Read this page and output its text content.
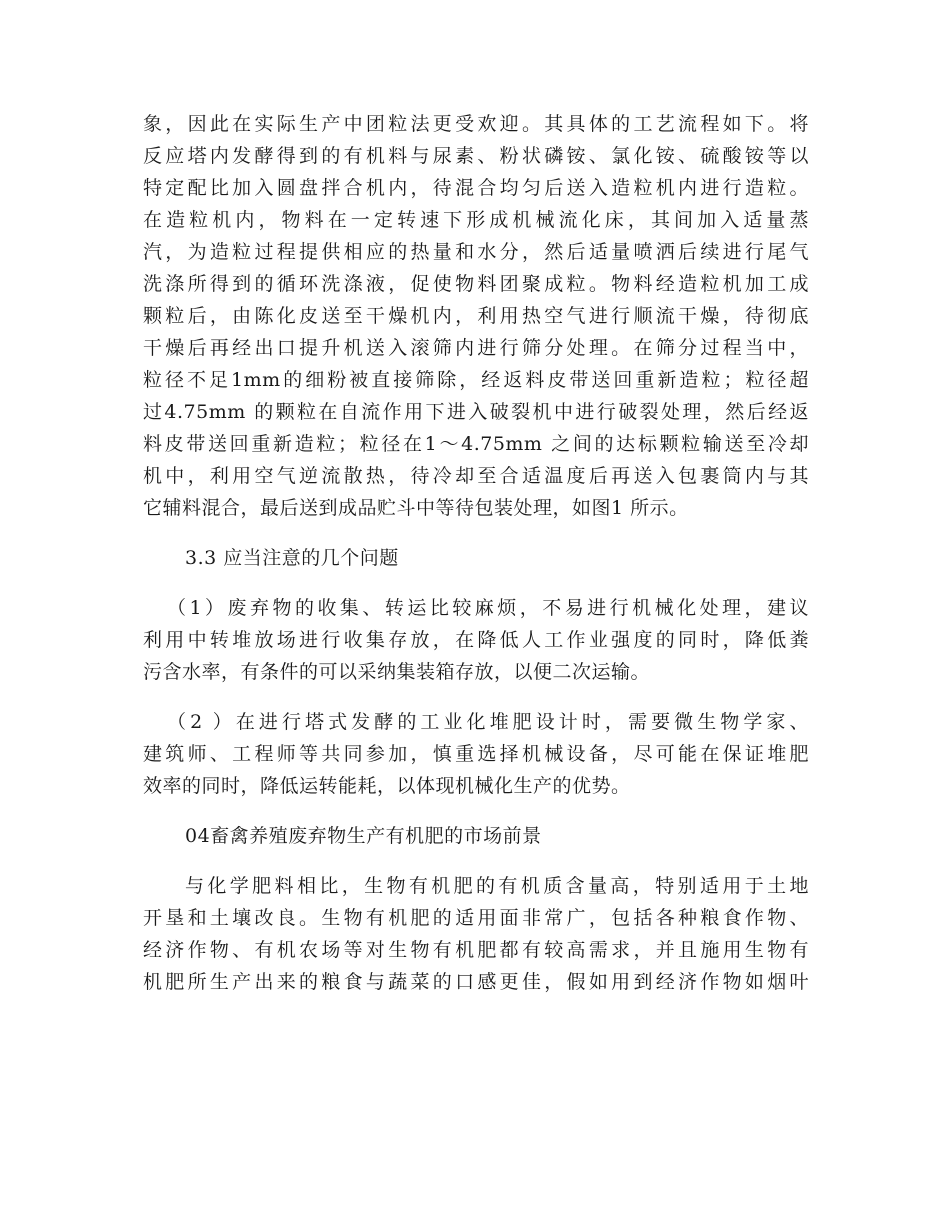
象，因此在实际生产中团粒法更受欢迎。其具体的工艺流程如下。将
反应塔内发酵得到的有机料与尿素、粉状磷铵、氯化铵、硫酸铵等以
特定配比加入圆盘拌合机内，待混合均匀后送入造粒机内进行造粒。
在造粒机内，物料在一定转速下形成机械流化床，其间加入适量蒸
汽，为造粒过程提供相应的热量和水分，然后适量喷洒后续进行尾气
洗涤所得到的循环洗涤液，促使物料团聚成粒。物料经造粒机加工成
颗粒后，由陈化皮送至干燥机内，利用热空气进行顺流干燥，待彻底
干燥后再经出口提升机送入滚筛内进行筛分处理。在筛分过程当中，
粒径不足1mm的细粉被直接筛除，经返料皮带送回重新造粒；粒径超
过4.75mm 的颗粒在自流作用下进入破裂机中进行破裂处理，然后经返
料皮带送回重新造粒；粒径在1～4.75mm 之间的达标颗粒输送至冷却
机中，利用空气逆流散热，待冷却至合适温度后再送入包裹筒内与其
它辅料混合，最后送到成品贮斗中等待包装处理，如图1 所示。
3.3 应当注意的几个问题
（1）废弃物的收集、转运比较麻烦，不易进行机械化处理，建议
利用中转堆放场进行收集存放，在降低人工作业强度的同时，降低粪
污含水率，有条件的可以采纳集装箱存放，以便二次运输。
（2 ）在进行塔式发酵的工业化堆肥设计时，需要微生物学家、
建筑师、工程师等共同参加，慎重选择机械设备，尽可能在保证堆肥
效率的同时，降低运转能耗，以体现机械化生产的优势。
04畜禽养殖废弃物生产有机肥的市场前景
与化学肥料相比，生物有机肥的有机质含量高，特别适用于土地
开垦和土壤改良。生物有机肥的适用面非常广，包括各种粮食作物、
经济作物、有机农场等对生物有机肥都有较高需求，并且施用生物有
机肥所生产出来的粮食与蔬菜的口感更佳，假如用到经济作物如烟叶
